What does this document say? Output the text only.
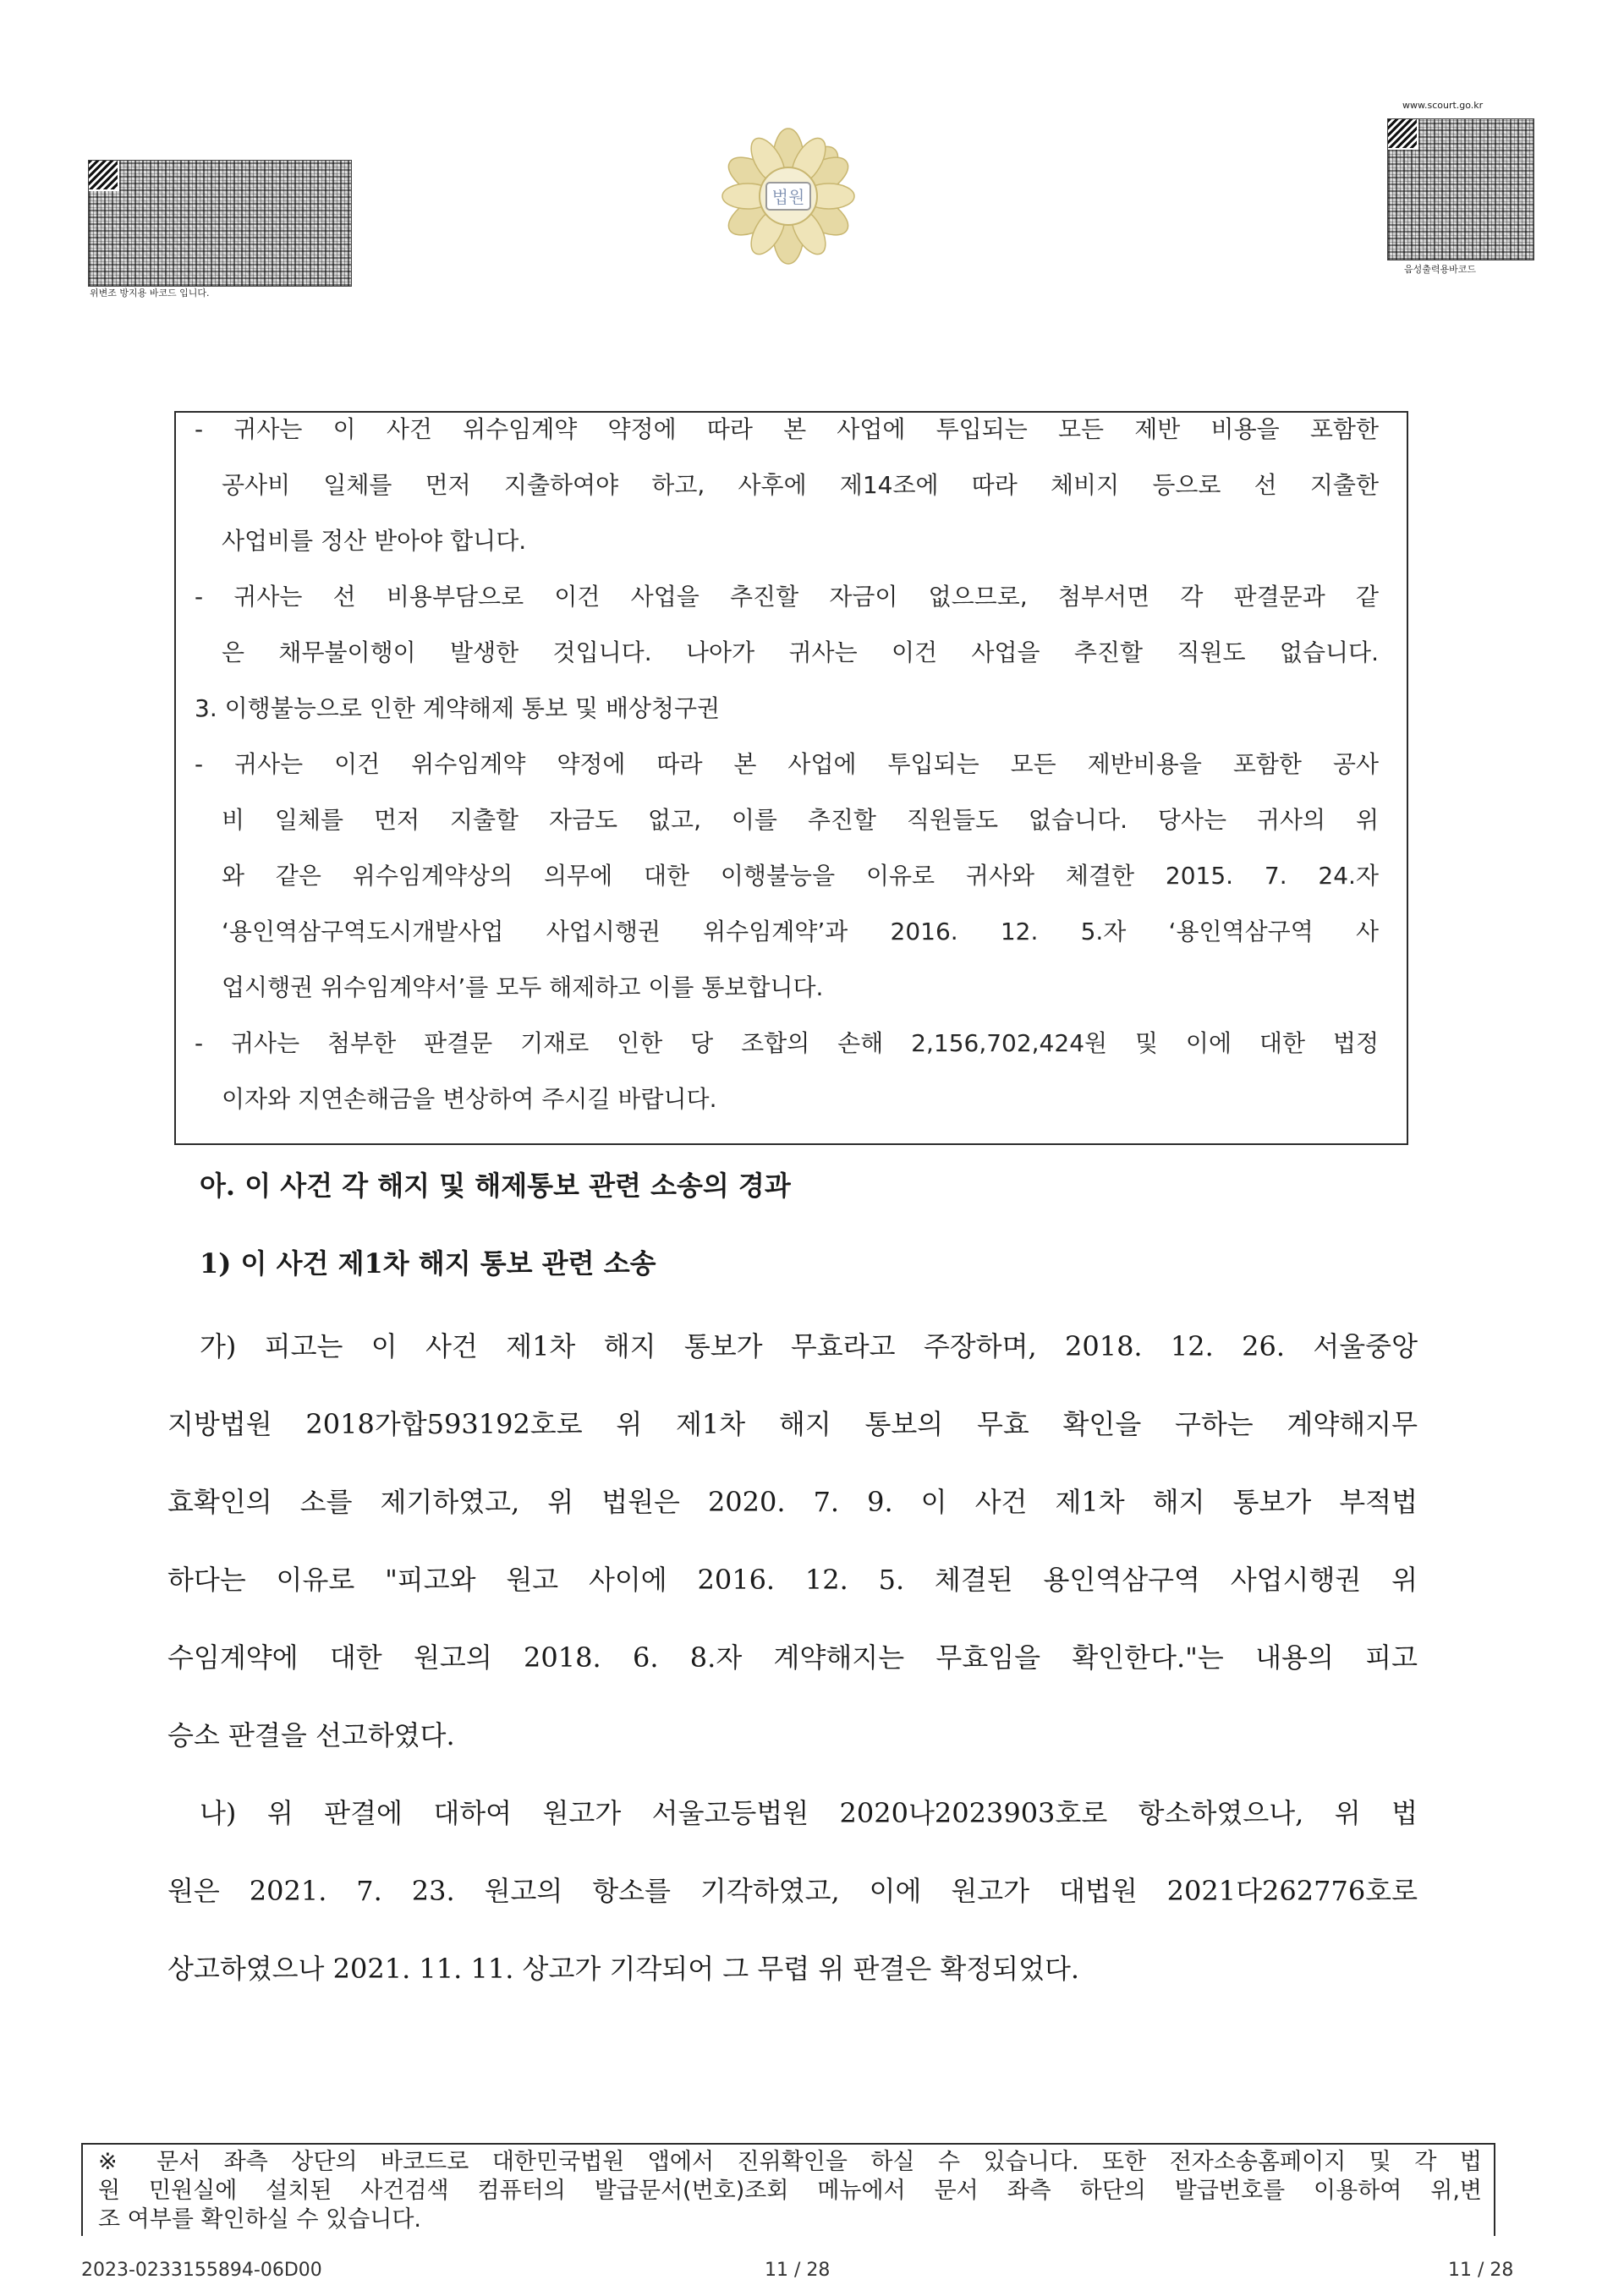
위변조 방지용 바코드 입니다.
법원
www.scourt.go.kr
음성출력용바코드
- 귀사는 이 사건 위수임계약 약정에 따라 본 사업에 투입되는 모든 제반 비용을 포함한
공사비 일체를 먼저 지출하여야 하고, 사후에 제14조에 따라 체비지 등으로 선 지출한
사업비를 정산 받아야 합니다.
- 귀사는 선 비용부담으로 이건 사업을 추진할 자금이 없으므로, 첨부서면 각 판결문과 같
은 채무불이행이 발생한 것입니다. 나아가 귀사는 이건 사업을 추진할 직원도 없습니다.
3. 이행불능으로 인한 계약해제 통보 및 배상청구권
- 귀사는 이건 위수임계약 약정에 따라 본 사업에 투입되는 모든 제반비용을 포함한 공사
비 일체를 먼저 지출할 자금도 없고, 이를 추진할 직원들도 없습니다. 당사는 귀사의 위
와 같은 위수임계약상의 의무에 대한 이행불능을 이유로 귀사와 체결한 2015. 7. 24.자
‘용인역삼구역도시개발사업 사업시행권 위수임계약’과 2016. 12. 5.자 ‘용인역삼구역 사
업시행권 위수임계약서’를 모두 해제하고 이를 통보합니다.
- 귀사는 첨부한 판결문 기재로 인한 당 조합의 손해 2,156,702,424원 및 이에 대한 법정
이자와 지연손해금을 변상하여 주시길 바랍니다.
아. 이 사건 각 해지 및 해제통보 관련 소송의 경과
1) 이 사건 제1차 해지 통보 관련 소송
가) 피고는 이 사건 제1차 해지 통보가 무효라고 주장하며, 2018. 12. 26. 서울중앙
지방법원 2018가합593192호로 위 제1차 해지 통보의 무효 확인을 구하는 계약해지무
효확인의 소를 제기하였고, 위 법원은 2020. 7. 9. 이 사건 제1차 해지 통보가 부적법
하다는 이유로 "피고와 원고 사이에 2016. 12. 5. 체결된 용인역삼구역 사업시행권 위
수임계약에 대한 원고의 2018. 6. 8.자 계약해지는 무효임을 확인한다."는 내용의 피고
승소 판결을 선고하였다.
나) 위 판결에 대하여 원고가 서울고등법원 2020나2023903호로 항소하였으나, 위 법
원은 2021. 7. 23. 원고의 항소를 기각하였고, 이에 원고가 대법원 2021다262776호로
상고하였으나 2021. 11. 11. 상고가 기각되어 그 무렵 위 판결은 확정되었다.
※ 문서 좌측 상단의 바코드로 대한민국법원 앱에서 진위확인을 하실 수 있습니다. 또한 전자소송홈페이지 및 각 법
원 민원실에 설치된 사건검색 컴퓨터의 발급문서(번호)조회 메뉴에서 문서 좌측 하단의 발급번호를 이용하여 위,변
조 여부를 확인하실 수 있습니다.
2023-0233155894-06D00	11 / 28	11 / 28
